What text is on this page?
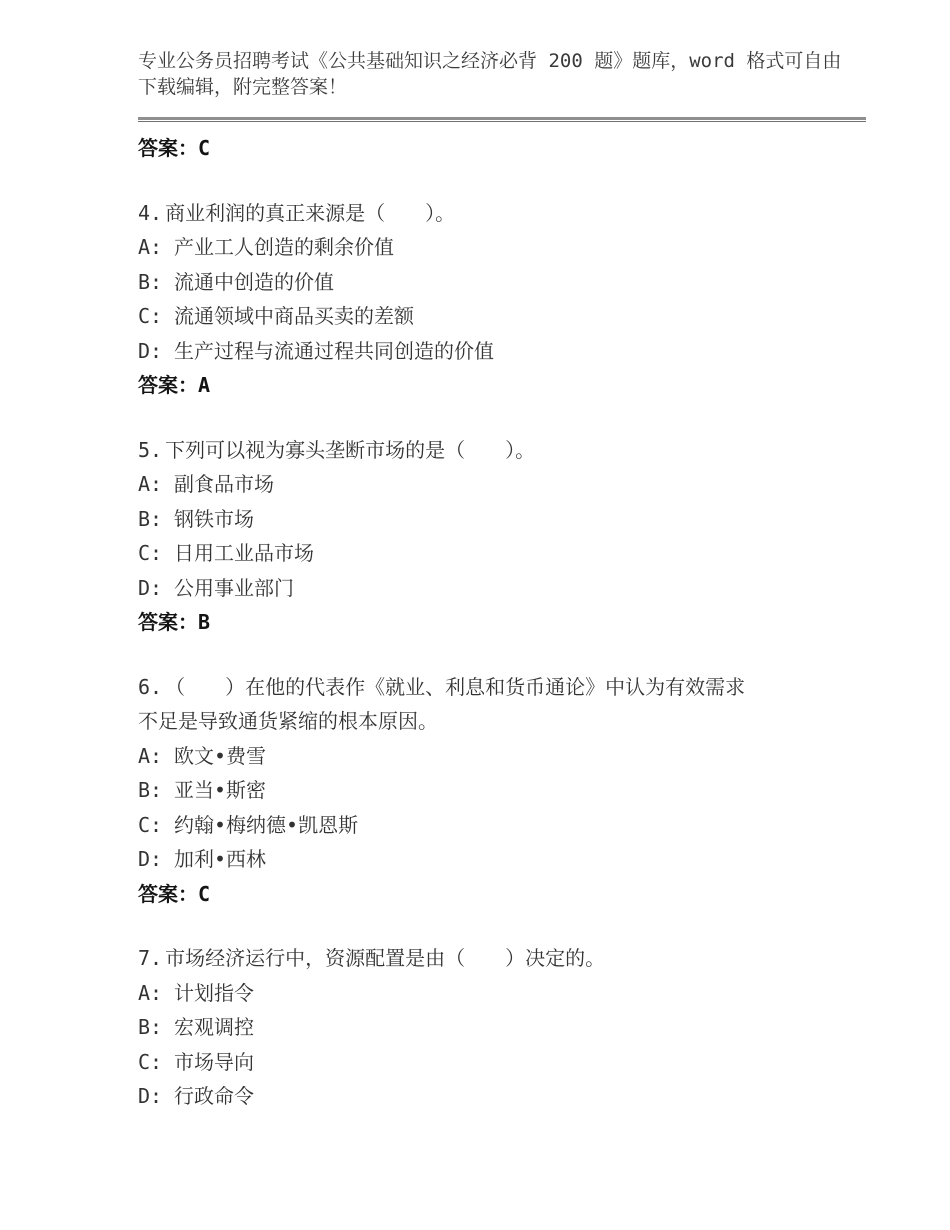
专业公务员招聘考试《公共基础知识之经济必背 200 题》题库，word 格式可自由
下载编辑，附完整答案！
答案：C
4. 商业利润的真正来源是（　　）。
A: 产业工人创造的剩余价值
B: 流通中创造的价值
C: 流通领域中商品买卖的差额
D: 生产过程与流通过程共同创造的价值
答案：A
5. 下列可以视为寡头垄断市场的是（　　）。
A: 副食品市场
B: 钢铁市场
C: 日用工业品市场
D: 公用事业部门
答案：B
6. （　　）在他的代表作《就业、利息和货币通论》中认为有效需求
不足是导致通货紧缩的根本原因。
A: 欧文•费雪
B: 亚当•斯密
C: 约翰•梅纳德•凯恩斯
D: 加利•西林
答案：C
7. 市场经济运行中，资源配置是由（　　）决定的。
A: 计划指令
B: 宏观调控
C: 市场导向
D: 行政命令
